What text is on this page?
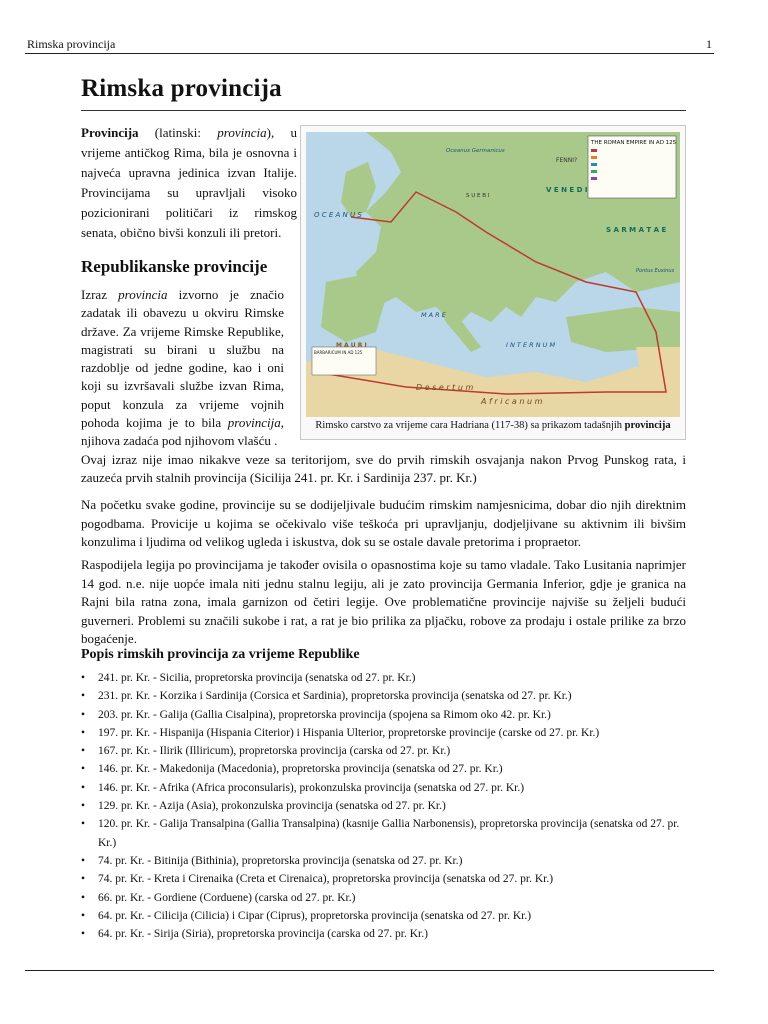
Rimska provincija	1
Rimska provincija

Provincija (latinski: provincia), u vrijeme antičkog Rima, bila je osnovna i najveća upravna jedinica izvan Italije. Provincijama su upravljali visoko pozicionirani političari iz rimskog senata, obično bivši konzuli ili pretori.

Republikanske provincije

Izraz provincia izvorno je značio zadatak ili obavezu u okviru Rimske države. Za vrijeme Rimske Republike, magistrati su birani u službu na razdoblje od jedne godine, kao i oni koji su izvršavali službe izvan Rima, poput konzula za vrijeme vojnih pohoda kojima je to bila provincija, njihova zadaća pod njihovom vlašću .

Ovaj izraz nije imao nikakve veze sa teritorijom, sve do prvih rimskih osvajanja nakon Prvog Punskog rata, i zauzeća prvih stalnih provincija (Sicilija 241. pr. Kr. i Sardinija 237. pr. Kr.)

Na početku svake godine, provincije su se dodijeljivale budućim rimskim namjesnicima, dobar dio njih direktnim pogodbama. Provicije u kojima se očekivalo više teškoća pri upravljanju, dodjeljivane su aktivnim ili bivšim konzulima i ljudima od velikog ugleda i iskustva, dok su se ostale davale pretorima i propraetor.

Raspodijela legija po provincijama je također ovisila o opasnostima koje su tamo vladale. Tako Lusitania naprimjer 14 god. n.e. nije uopće imala niti jednu stalnu legiju, ali je zato provincija Germania Inferior, gdje je granica na Rajni bila ratna zona, imala garnizon od četiri legije. Ove problematične provincije najviše su željeli budući guverneri. Problemi su značili sukobe i rat, a rat je bio prilika za pljačku, robove za prodaju i ostale prilike za brzo bogaćenje.

Popis rimskih provincija za vrijeme Republike
• 241. pr. Kr. - Sicilia, propretorska provincija (senatska od 27. pr. Kr.)
• 231. pr. Kr. - Korzika i Sardinija (Corsica et Sardinia), propretorska provincija (senatska od 27. pr. Kr.)
• 203. pr. Kr. - Galija (Gallia Cisalpina), propretorska provincija (spojena sa Rimom oko 42. pr. Kr.)
• 197. pr. Kr. - Hispanija (Hispania Citerior) i Hispania Ulterior, propretorske provincije (carske od 27. pr. Kr.)
• 167. pr. Kr. - Ilirik (Illiricum), propretorska provincija (carska od 27. pr. Kr.)
• 146. pr. Kr. - Makedonija (Macedonia), propretorska provincija (senatska od 27. pr. Kr.)
• 146. pr. Kr. - Afrika (Africa proconsularis), prokonzulska provincija (senatska od 27. pr. Kr.)
• 129. pr. Kr. - Azija (Asia), prokonzulska provincija (senatska od 27. pr. Kr.)
• 120. pr. Kr. - Galija Transalpina (Gallia Transalpina) (kasnije Gallia Narbonensis), propretorska provincija (senatska od 27. pr. Kr.)
• 74. pr. Kr. - Bitinija (Bithinia), propretorska provincija (senatska od 27. pr. Kr.)
• 74. pr. Kr. - Kreta i Cirenaika (Creta et Cirenaica), propretorska provincija (senatska od 27. pr. Kr.)
• 66. pr. Kr. - Gordiene (Corduene) (carska od 27. pr. Kr.)
• 64. pr. Kr. - Cilicija (Cilicia) i Cipar (Ciprus), propretorska provincija (senatska od 27. pr. Kr.)
• 64. pr. Kr. - Sirija (Siria), propretorska provincija (carska od 27. pr. Kr.)
THE ROMAN EMPIRE IN AD 125
BARBARICUM IN AD 125
FENNI?
Oceanus Germanicus
O C E A N U S
V E N E D I
S A R M A T A E
Pontus Euxinus
S U E B I
M A R E
I N T E R N U M
M A U R I
D e s e r t u m
A f r i c a n u m
Rimsko carstvo za vrijeme cara Hadriana (117-38) sa prikazom tadašnjih provincija
